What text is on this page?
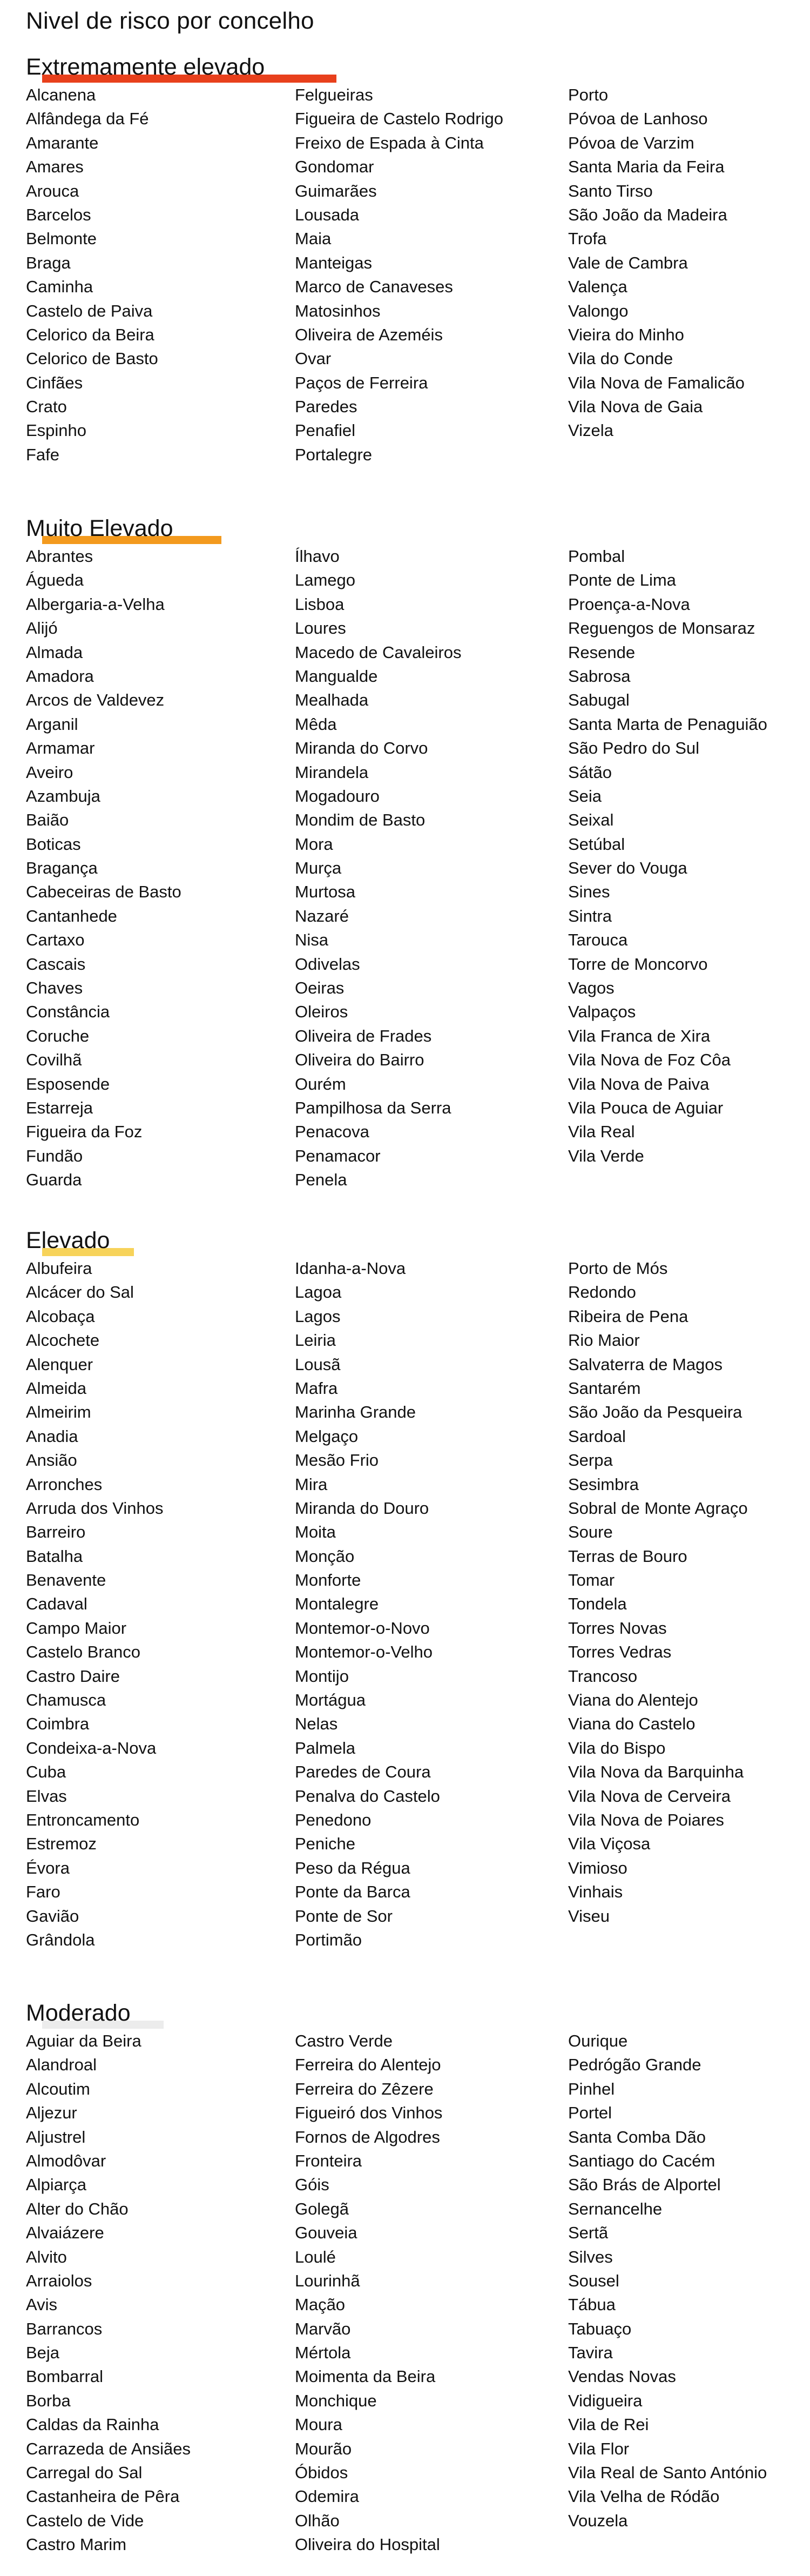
Nivel de risco por concelho
Extremamente elevado
Alcanena
Alfândega da Fé
Amarante
Amares
Arouca
Barcelos
Belmonte
Braga
Caminha
Castelo de Paiva
Celorico da Beira
Celorico de Basto
Cinfães
Crato
Espinho
Fafe
Felgueiras
Figueira de Castelo Rodrigo
Freixo de Espada à Cinta
Gondomar
Guimarães
Lousada
Maia
Manteigas
Marco de Canaveses
Matosinhos
Oliveira de Azeméis
Ovar
Paços de Ferreira
Paredes
Penafiel
Portalegre
Porto
Póvoa de Lanhoso
Póvoa de Varzim
Santa Maria da Feira
Santo Tirso
São João da Madeira
Trofa
Vale de Cambra
Valença
Valongo
Vieira do Minho
Vila do Conde
Vila Nova de Famalicão
Vila Nova de Gaia
Vizela
Muito Elevado
Abrantes
Águeda
Albergaria-a-Velha
Alijó
Almada
Amadora
Arcos de Valdevez
Arganil
Armamar
Aveiro
Azambuja
Baião
Boticas
Bragança
Cabeceiras de Basto
Cantanhede
Cartaxo
Cascais
Chaves
Constância
Coruche
Covilhã
Esposende
Estarreja
Figueira da Foz
Fundão
Guarda
Ílhavo
Lamego
Lisboa
Loures
Macedo de Cavaleiros
Mangualde
Mealhada
Mêda
Miranda do Corvo
Mirandela
Mogadouro
Mondim de Basto
Mora
Murça
Murtosa
Nazaré
Nisa
Odivelas
Oeiras
Oleiros
Oliveira de Frades
Oliveira do Bairro
Ourém
Pampilhosa da Serra
Penacova
Penamacor
Penela
Pombal
Ponte de Lima
Proença-a-Nova
Reguengos de Monsaraz
Resende
Sabrosa
Sabugal
Santa Marta de Penaguião
São Pedro do Sul
Sátão
Seia
Seixal
Setúbal
Sever do Vouga
Sines
Sintra
Tarouca
Torre de Moncorvo
Vagos
Valpaços
Vila Franca de Xira
Vila Nova de Foz Côa
Vila Nova de Paiva
Vila Pouca de Aguiar
Vila Real
Vila Verde
Elevado
Albufeira
Alcácer do Sal
Alcobaça
Alcochete
Alenquer
Almeida
Almeirim
Anadia
Ansião
Arronches
Arruda dos Vinhos
Barreiro
Batalha
Benavente
Cadaval
Campo Maior
Castelo Branco
Castro Daire
Chamusca
Coimbra
Condeixa-a-Nova
Cuba
Elvas
Entroncamento
Estremoz
Évora
Faro
Gavião
Grândola
Idanha-a-Nova
Lagoa
Lagos
Leiria
Lousã
Mafra
Marinha Grande
Melgaço
Mesão Frio
Mira
Miranda do Douro
Moita
Monção
Monforte
Montalegre
Montemor-o-Novo
Montemor-o-Velho
Montijo
Mortágua
Nelas
Palmela
Paredes de Coura
Penalva do Castelo
Penedono
Peniche
Peso da Régua
Ponte da Barca
Ponte de Sor
Portimão
Porto de Mós
Redondo
Ribeira de Pena
Rio Maior
Salvaterra de Magos
Santarém
São João da Pesqueira
Sardoal
Serpa
Sesimbra
Sobral de Monte Agraço
Soure
Terras de Bouro
Tomar
Tondela
Torres Novas
Torres Vedras
Trancoso
Viana do Alentejo
Viana do Castelo
Vila do Bispo
Vila Nova da Barquinha
Vila Nova de Cerveira
Vila Nova de Poiares
Vila Viçosa
Vimioso
Vinhais
Viseu
Moderado
Aguiar da Beira
Alandroal
Alcoutim
Aljezur
Aljustrel
Almodôvar
Alpiarça
Alter do Chão
Alvaiázere
Alvito
Arraiolos
Avis
Barrancos
Beja
Bombarral
Borba
Caldas da Rainha
Carrazeda de Ansiães
Carregal do Sal
Castanheira de Pêra
Castelo de Vide
Castro Marim
Castro Verde
Ferreira do Alentejo
Ferreira do Zêzere
Figueiró dos Vinhos
Fornos de Algodres
Fronteira
Góis
Golegã
Gouveia
Loulé
Lourinhã
Mação
Marvão
Mértola
Moimenta da Beira
Monchique
Moura
Mourão
Óbidos
Odemira
Olhão
Oliveira do Hospital
Ourique
Pedrógão Grande
Pinhel
Portel
Santa Comba Dão
Santiago do Cacém
São Brás de Alportel
Sernancelhe
Sertã
Silves
Sousel
Tábua
Tabuaço
Tavira
Vendas Novas
Vidigueira
Vila de Rei
Vila Flor
Vila Real de Santo António
Vila Velha de Ródão
Vouzela
